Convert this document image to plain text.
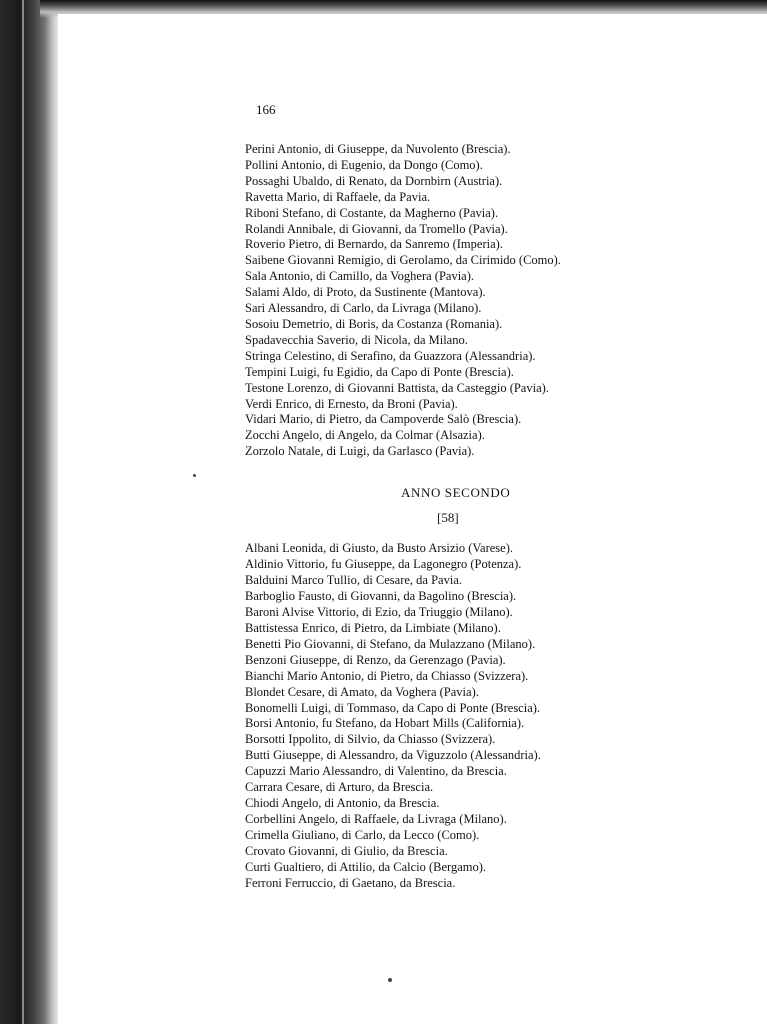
166

Perini Antonio, di Giuseppe, da Nuvolento (Brescia).
Pollini Antonio, di Eugenio, da Dongo (Como).
Possaghi Ubaldo, di Renato, da Dornbirn (Austria).
Ravetta Mario, di Raffaele, da Pavia.
Riboni Stefano, di Costante, da Magherno (Pavia).
Rolandi Annibale, di Giovanni, da Tromello (Pavia).
Roverio Pietro, di Bernardo, da Sanremo (Imperia).
Saibene Giovanni Remigio, di Gerolamo, da Cirimido (Como).
Sala Antonio, di Camillo, da Voghera (Pavia).
Salami Aldo, di Proto, da Sustinente (Mantova).
Sari Alessandro, di Carlo, da Livraga (Milano).
Sosoiu Demetrio, di Boris, da Costanza (Romania).
Spadavecchia Saverio, di Nicola, da Milano.
Stringa Celestino, di Serafino, da Guazzora (Alessandria).
Tempini Luigi, fu Egidio, da Capo di Ponte (Brescia).
Testone Lorenzo, di Giovanni Battista, da Casteggio (Pavia).
Verdi Enrico, di Ernesto, da Broni (Pavia).
Vidari Mario, di Pietro, da Campoverde Salò (Brescia).
Zocchi Angelo, di Angelo, da Colmar (Alsazia).
Zorzolo Natale, di Luigi, da Garlasco (Pavia).

ANNO SECONDO

[58]

Albani Leonida, di Giusto, da Busto Arsizio (Varese).
Aldinio Vittorio, fu Giuseppe, da Lagonegro (Potenza).
Balduini Marco Tullio, di Cesare, da Pavia.
Barboglio Fausto, di Giovanni, da Bagolino (Brescia).
Baroni Alvise Vittorio, di Ezio, da Triuggio (Milano).
Battistessa Enrico, di Pietro, da Limbiate (Milano).
Benetti Pio Giovanni, di Stefano, da Mulazzano (Milano).
Benzoni Giuseppe, di Renzo, da Gerenzago (Pavia).
Bianchi Mario Antonio, di Pietro, da Chiasso (Svizzera).
Blondet Cesare, di Amato, da Voghera (Pavia).
Bonomelli Luigi, di Tommaso, da Capo di Ponte (Brescia).
Borsi Antonio, fu Stefano, da Hobart Mills (California).
Borsotti Ippolito, di Silvio, da Chiasso (Svizzera).
Butti Giuseppe, di Alessandro, da Viguzzolo (Alessandria).
Capuzzi Mario Alessandro, di Valentino, da Brescia.
Carrara Cesare, di Arturo, da Brescia.
Chiodi Angelo, di Antonio, da Brescia.
Corbellini Angelo, di Raffaele, da Livraga (Milano).
Crimella Giuliano, di Carlo, da Lecco (Como).
Crovato Giovanni, di Giulio, da Brescia.
Curti Gualtiero, di Attilio, da Calcio (Bergamo).
Ferroni Ferruccio, di Gaetano, da Brescia.
